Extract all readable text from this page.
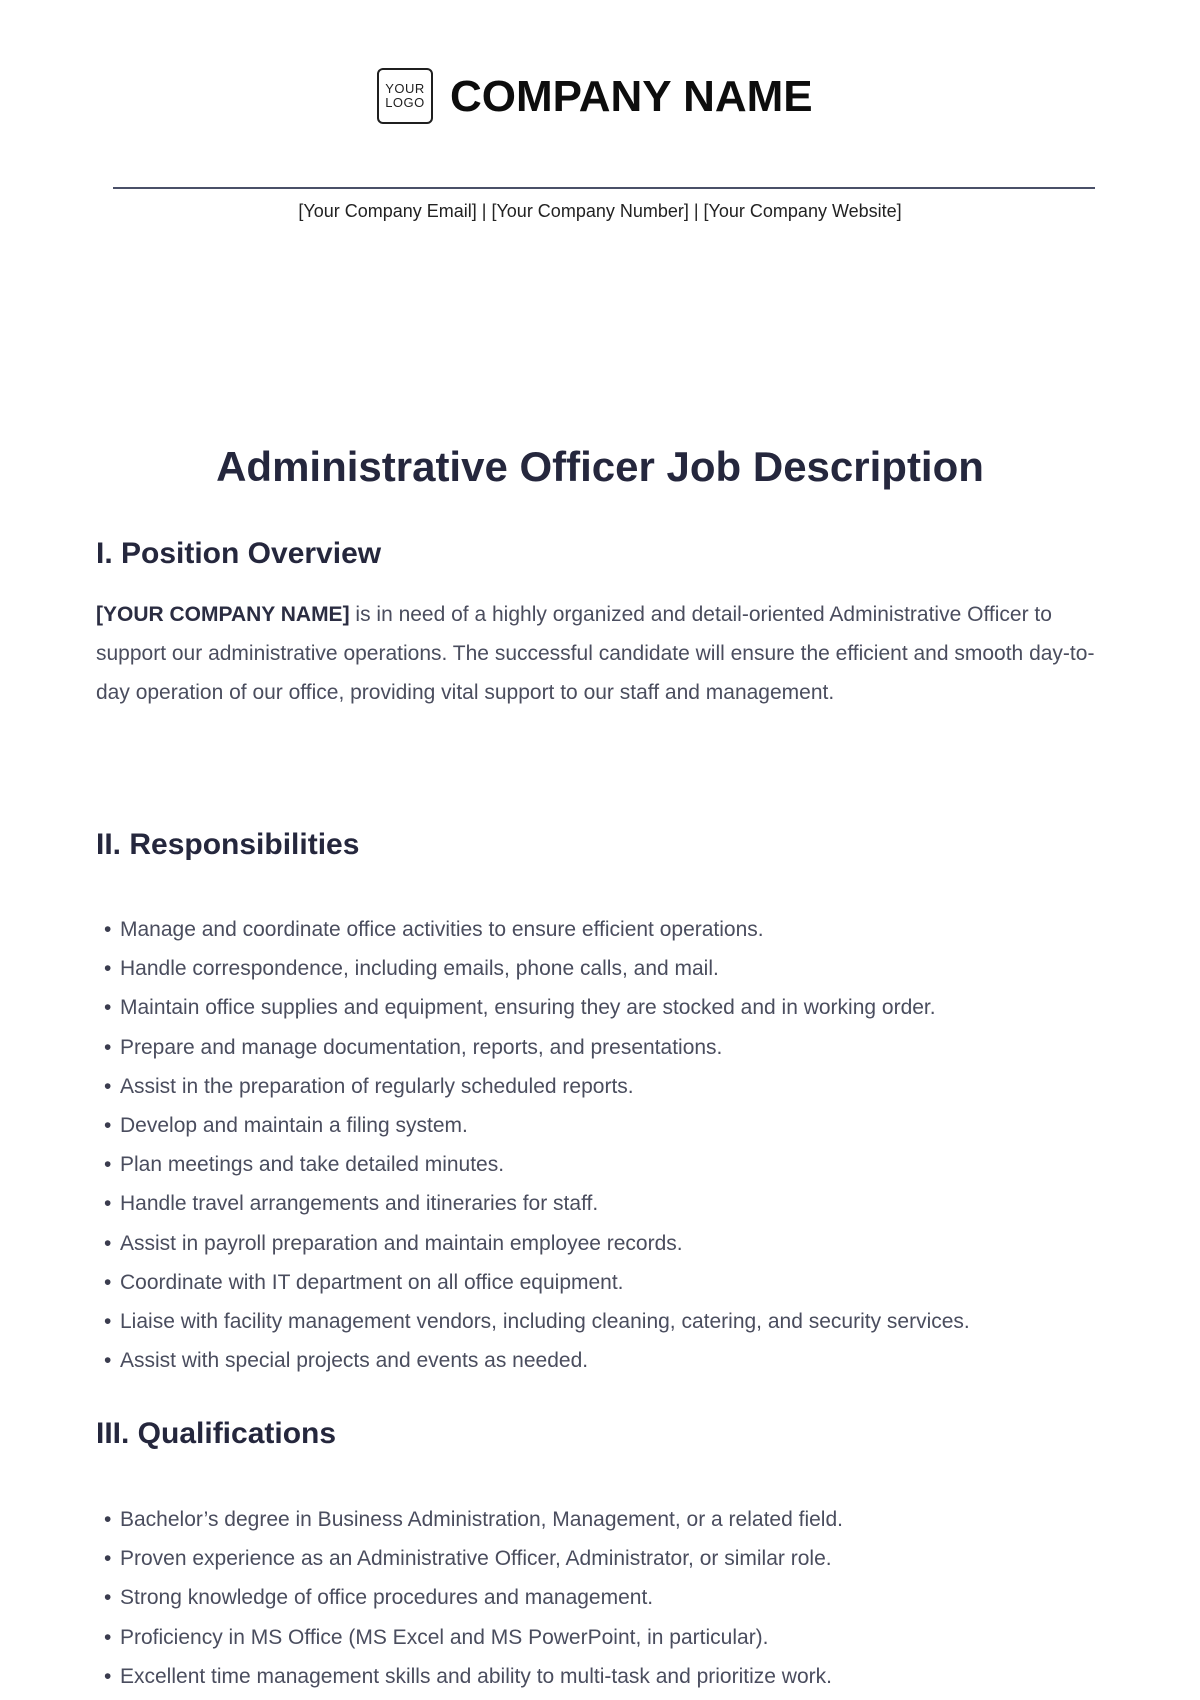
YOUR
LOGO COMPANY NAME
[Your Company Email] | [Your Company Number] | [Your Company Website]
Administrative Officer Job Description
I. Position Overview

[YOUR COMPANY NAME] is in need of a highly organized and detail-oriented Administrative Officer to support our administrative operations. The successful candidate will ensure the efficient and smooth day-to-day operation of our office, providing vital support to our staff and management.

II. Responsibilities
• Manage and coordinate office activities to ensure efficient operations.
• Handle correspondence, including emails, phone calls, and mail.
• Maintain office supplies and equipment, ensuring they are stocked and in working order.
• Prepare and manage documentation, reports, and presentations.
• Assist in the preparation of regularly scheduled reports.
• Develop and maintain a filing system.
• Plan meetings and take detailed minutes.
• Handle travel arrangements and itineraries for staff.
• Assist in payroll preparation and maintain employee records.
• Coordinate with IT department on all office equipment.
• Liaise with facility management vendors, including cleaning, catering, and security services.
• Assist with special projects and events as needed.
III. Qualifications
• Bachelor’s degree in Business Administration, Management, or a related field.
• Proven experience as an Administrative Officer, Administrator, or similar role.
• Strong knowledge of office procedures and management.
• Proficiency in MS Office (MS Excel and MS PowerPoint, in particular).
• Excellent time management skills and ability to multi-task and prioritize work.
